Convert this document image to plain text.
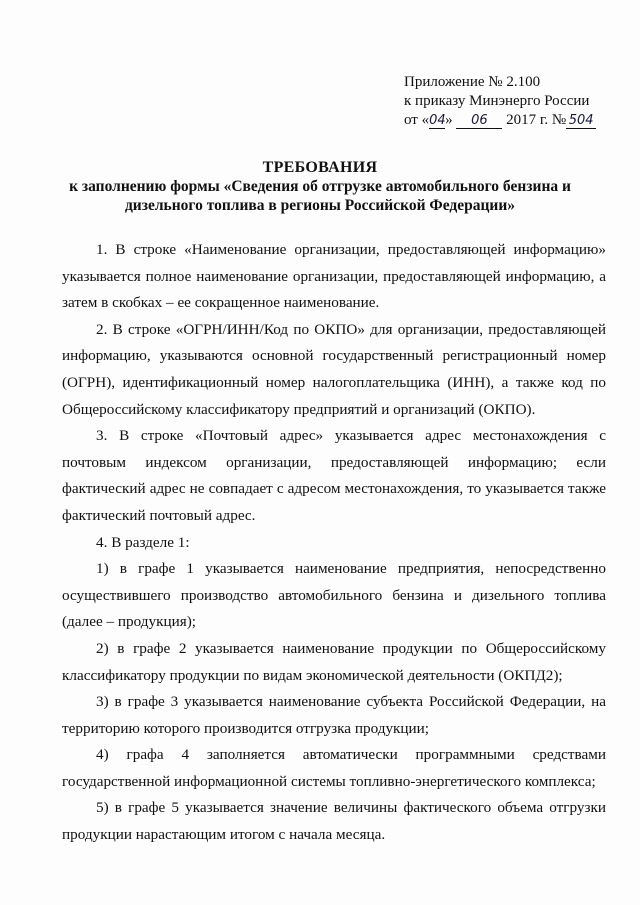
Приложение № 2.100
к приказу Минэнерго России
от «04» 06 2017 г. № 504
ТРЕБОВАНИЯ
к заполнению формы «Сведения об отгрузке автомобильного бензина и
дизельного топлива в регионы Российской Федерации»

1. В строке «Наименование организации, предоставляющей информацию» указывается полное наименование организации, предоставляющей информацию, а затем в скобках – ее сокращенное наименование.

2. В строке «ОГРН/ИНН/Код по ОКПО» для организации, предоставляющей информацию, указываются основной государственный регистрационный номер (ОГРН), идентификационный номер налогоплательщика (ИНН), а также код по Общероссийскому классификатору предприятий и организаций (ОКПО).

3. В строке «Почтовый адрес» указывается адрес местонахождения с почтовым индексом организации, предоставляющей информацию; если фактический адрес не совпадает с адресом местонахождения, то указывается также фактический почтовый адрес.

4. В разделе 1:

1) в графе 1 указывается наименование предприятия, непосредственно осуществившего производство автомобильного бензина и дизельного топлива (далее – продукция);

2) в графе 2 указывается наименование продукции по Общероссийскому классификатору продукции по видам экономической деятельности (ОКПД2);

3) в графе 3 указывается наименование субъекта Российской Федерации, на территорию которого производится отгрузка продукции;

4) графа 4 заполняется автоматически программными средствами государственной информационной системы топливно-энергетического комплекса;

5) в графе 5 указывается значение величины фактического объема отгрузки продукции нарастающим итогом с начала месяца.
